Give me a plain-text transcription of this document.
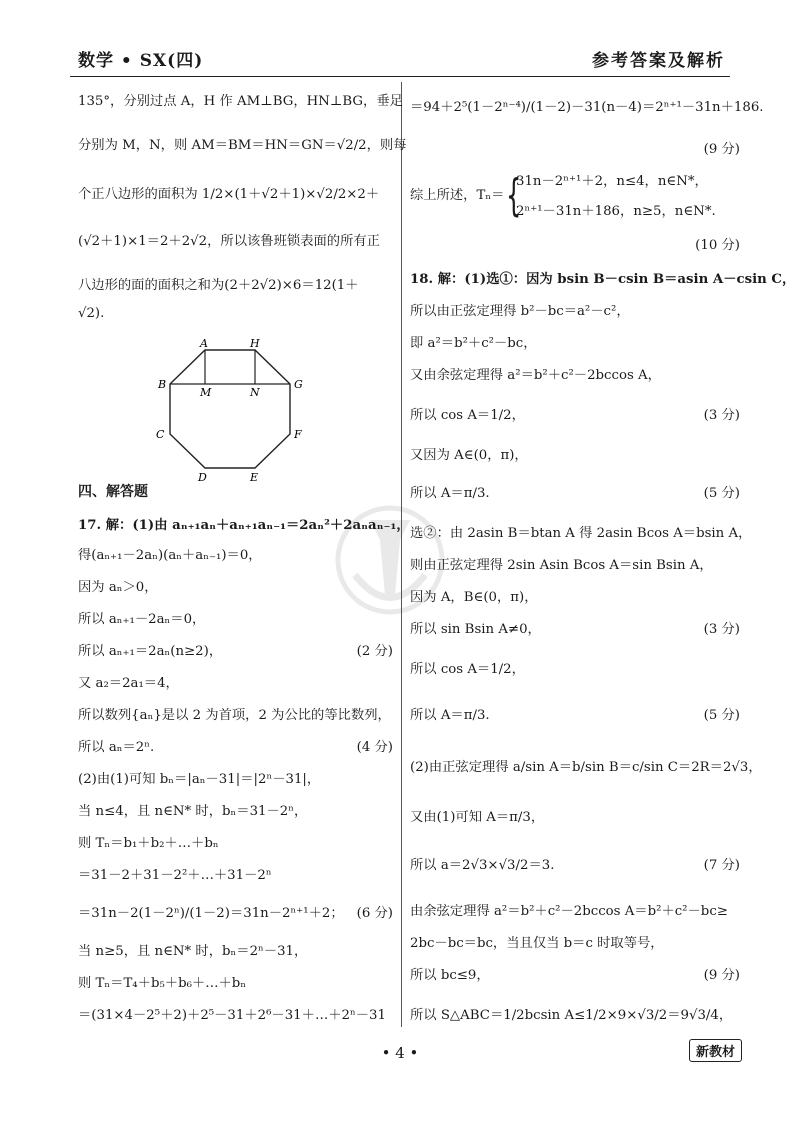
数学 • SX(四)	参考答案及解析
135°，分别过点 A，H 作 AM⊥BG，HN⊥BG，垂足
分别为 M，N，则 AM＝BM＝HN＝GN＝√2/2，则每
个正八边形的面积为 1/2×(1＋√2＋1)×√2/2×2＋
(√2＋1)×1＝2＋2√2，所以该鲁班锁表面的所有正
八边形的面的面积之和为(2＋2√2)×6＝12(1＋
√2).
四、解答题
17. 解：(1)由 aₙ₊₁aₙ＋aₙ₊₁aₙ₋₁＝2aₙ²＋2aₙaₙ₋₁，
得(aₙ₊₁－2aₙ)(aₙ＋aₙ₋₁)＝0，
因为 aₙ＞0，
所以 aₙ₊₁－2aₙ＝0，
所以 aₙ₊₁＝2aₙ(n≥2)，	(2 分)
又 a₂＝2a₁＝4，
所以数列{aₙ}是以 2 为首项，2 为公比的等比数列，
所以 aₙ＝2ⁿ.	(4 分)
(2)由(1)可知 bₙ＝|aₙ－31|＝|2ⁿ－31|，
当 n≤4，且 n∈N* 时，bₙ＝31－2ⁿ，
则 Tₙ＝b₁＋b₂＋…＋bₙ
＝31－2＋31－2²＋…＋31－2ⁿ
＝31n－2(1－2ⁿ)/(1－2)＝31n－2ⁿ⁺¹＋2； (6 分)
当 n≥5，且 n∈N* 时，bₙ＝2ⁿ－31，
则 Tₙ＝T₄＋b₅＋b₆＋…＋bₙ
＝(31×4－2⁵＋2)＋2⁵－31＋2⁶－31＋…＋2ⁿ－31
A	H
B
M	N
G
C	F
D	E
＝94＋2⁵(1－2ⁿ⁻⁴)/(1－2)－31(n－4)＝2ⁿ⁺¹－31n＋186.
(9 分)
综上所述，Tₙ＝
31n－2ⁿ⁺¹＋2，n≤4，n∈N*，
2ⁿ⁺¹－31n＋186，n≥5，n∈N*.
(10 分)
18. 解：(1)选①：因为 bsin B－csin B＝asin A－csin C，
所以由正弦定理得 b²－bc＝a²－c²，
即 a²＝b²＋c²－bc，
又由余弦定理得 a²＝b²＋c²－2bccos A，
所以 cos A＝1/2，	(3 分)
又因为 A∈(0，π)，
所以 A＝π/3.	(5 分)
选②：由 2asin B＝btan A 得 2asin Bcos A＝bsin A，
则由正弦定理得 2sin Asin Bcos A＝sin Bsin A，
因为 A，B∈(0，π)，
所以 sin Bsin A≠0，	(3 分)
所以 cos A＝1/2，
所以 A＝π/3.	(5 分)
(2)由正弦定理得 a/sin A＝b/sin B＝c/sin C＝2R＝2√3，
又由(1)可知 A＝π/3，
所以 a＝2√3×√3/2＝3.	(7 分)
由余弦定理得 a²＝b²＋c²－2bccos A＝b²＋c²－bc≥
2bc－bc＝bc，当且仅当 b＝c 时取等号，
所以 bc≤9，	(9 分)
所以 S△ABC＝1/2bcsin A≤1/2×9×√3/2＝9√3/4，
{
• 4 •	新教材
